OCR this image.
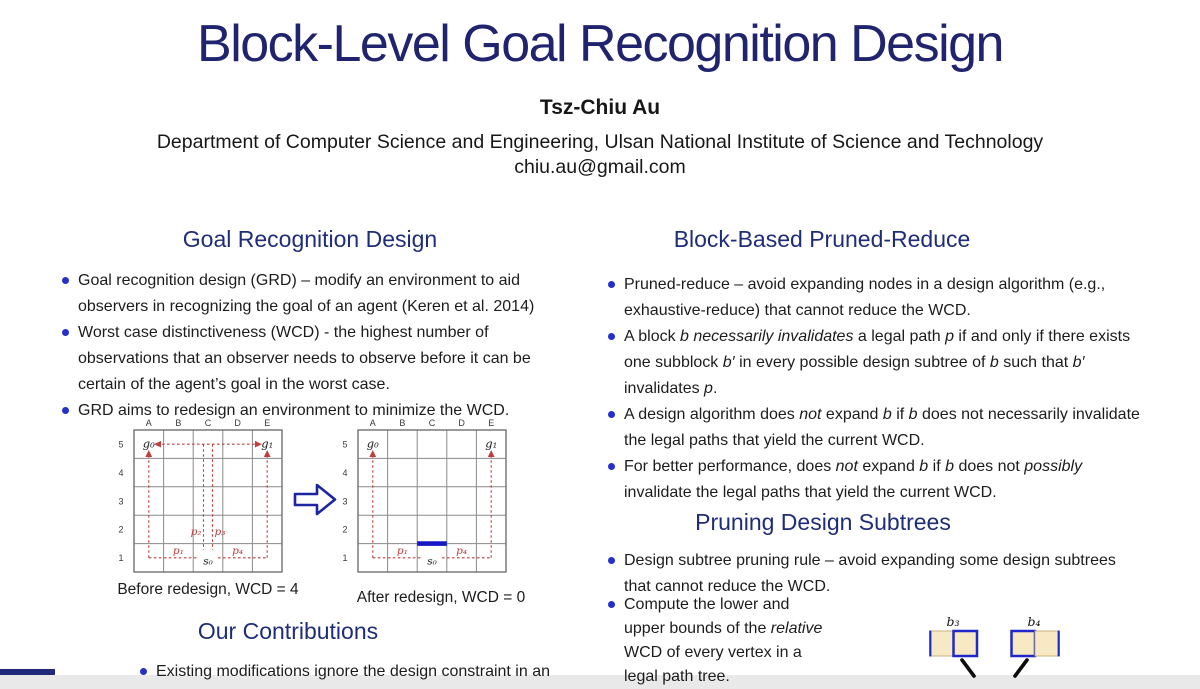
Block-Level Goal Recognition Design
Tsz-Chiu Au
Department of Computer Science and Engineering, Ulsan National Institute of Science and Technology
chiu.au@gmail.com
Goal Recognition Design
Goal recognition design (GRD) – modify an environment to aid observers in recognizing the goal of an agent (Keren et al. 2014)
Worst case distinctiveness (WCD) - the highest number of observations that an observer needs to observe before it can be certain of the agent’s goal in the worst case.
GRD aims to redesign an environment to minimize the WCD.
A	B	C	D	E
5
4
3
2
1
g₀	g₁
s₀
p₁
p₂ p₃
p₄
A	B	C	D	E
5
4
3
2
1
g₀	g₁
s₀
p₁	p₄
Before redesign, WCD = 4	After redesign, WCD = 0
Our Contributions
Existing modifications ignore the design constraint in an
Block-Based Pruned-Reduce
Pruned-reduce – avoid expanding nodes in a design algorithm (e.g., exhaustive-reduce) that cannot reduce the WCD.
A block b necessarily invalidates a legal path p if and only if there exists one subblock b′ in every possible design subtree of b such that b′ invalidates p.
A design algorithm does not expand b if b does not necessarily invalidate the legal paths that yield the current WCD.
For better performance, does not expand b if b does not possibly invalidate the legal paths that yield the current WCD.
Pruning Design Subtrees
Design subtree pruning rule – avoid expanding some design subtrees that cannot reduce the WCD.
Compute the lower and
upper bounds of the relative
WCD of every vertex in a
legal path tree.
b₃	b₄
